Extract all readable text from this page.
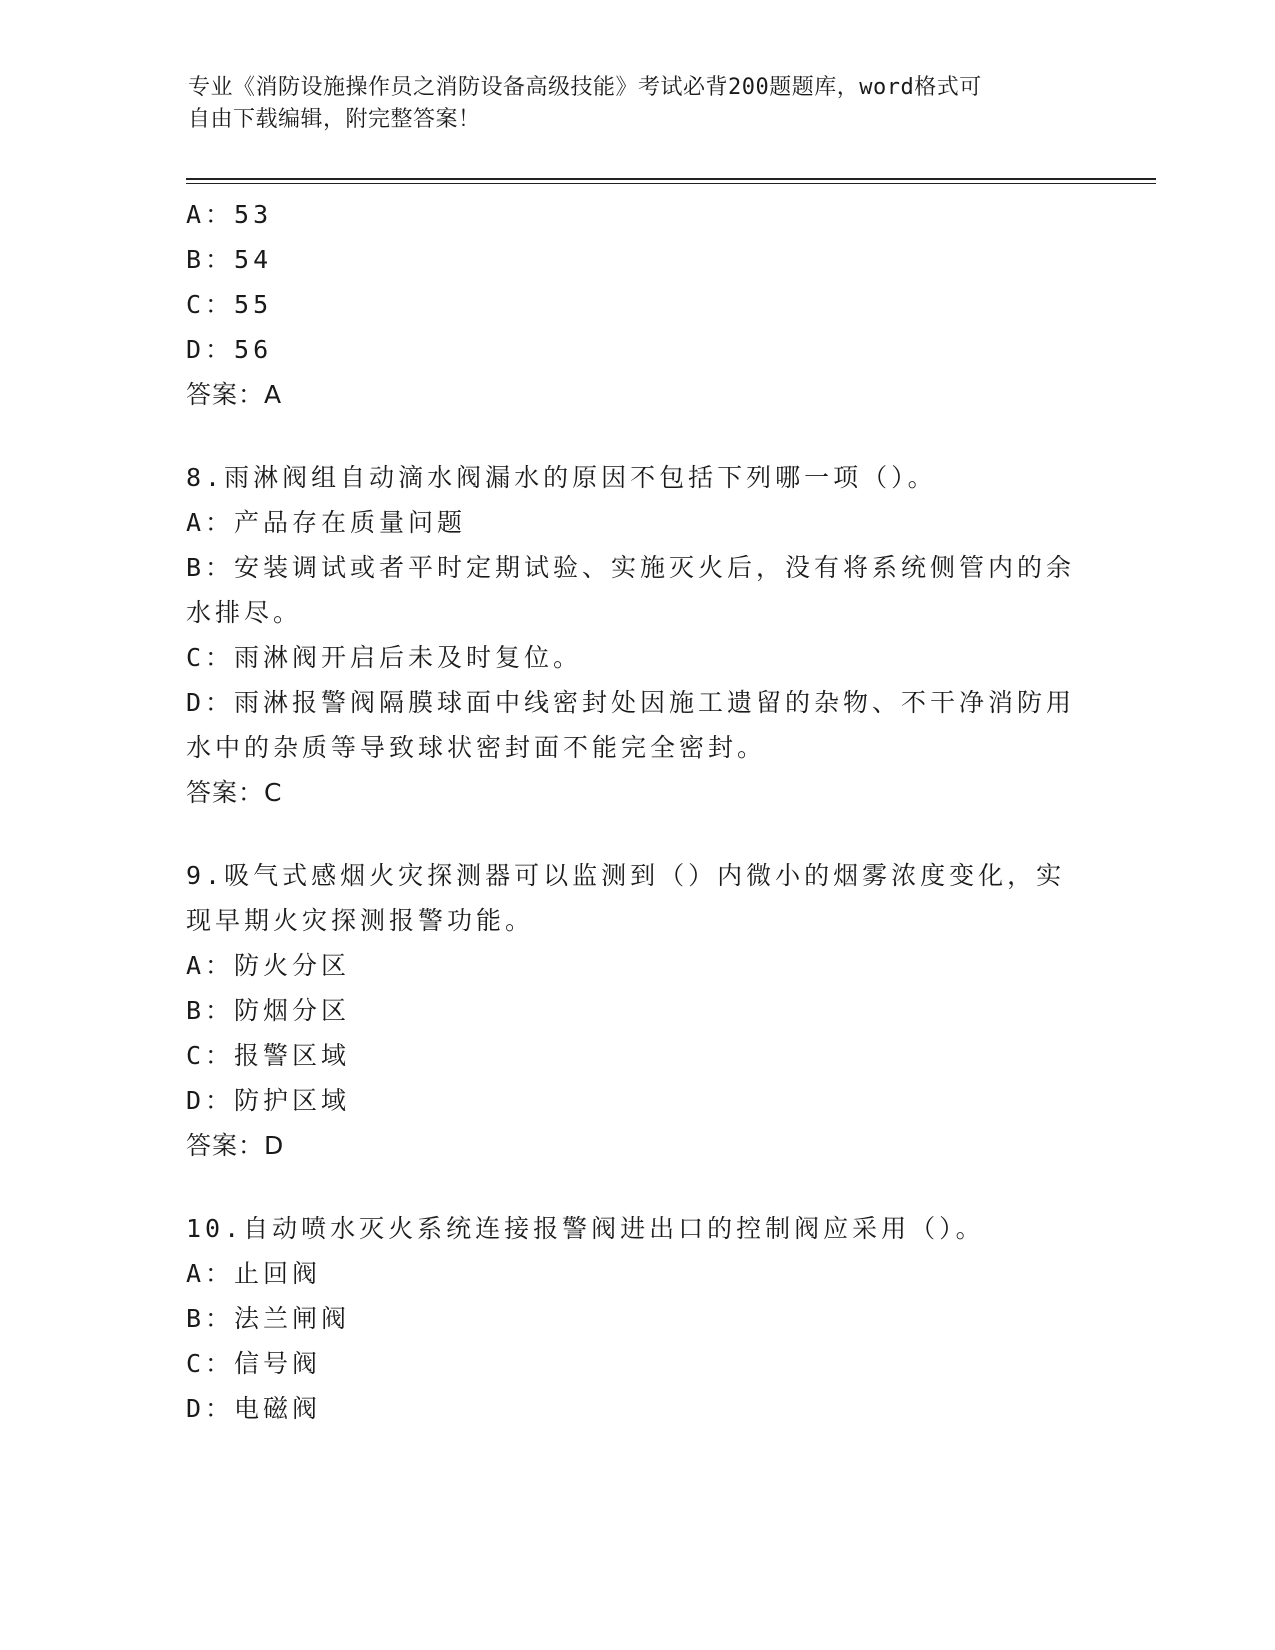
专业《消防设施操作员之消防设备高级技能》考试必背200题题库，word格式可
自由下载编辑，附完整答案！
A：53
B：54
C：55
D：56
答案：A
8.雨淋阀组自动滴水阀漏水的原因不包括下列哪一项（）。
A：产品存在质量问题
B：安装调试或者平时定期试验、实施灭火后，没有将系统侧管内的余
水排尽。
C：雨淋阀开启后未及时复位。
D：雨淋报警阀隔膜球面中线密封处因施工遗留的杂物、不干净消防用
水中的杂质等导致球状密封面不能完全密封。
答案：C
9.吸气式感烟火灾探测器可以监测到（）内微小的烟雾浓度变化，实
现早期火灾探测报警功能。
A：防火分区
B：防烟分区
C：报警区域
D：防护区域
答案：D
10.自动喷水灭火系统连接报警阀进出口的控制阀应采用（）。
A：止回阀
B：法兰闸阀
C：信号阀
D：电磁阀
